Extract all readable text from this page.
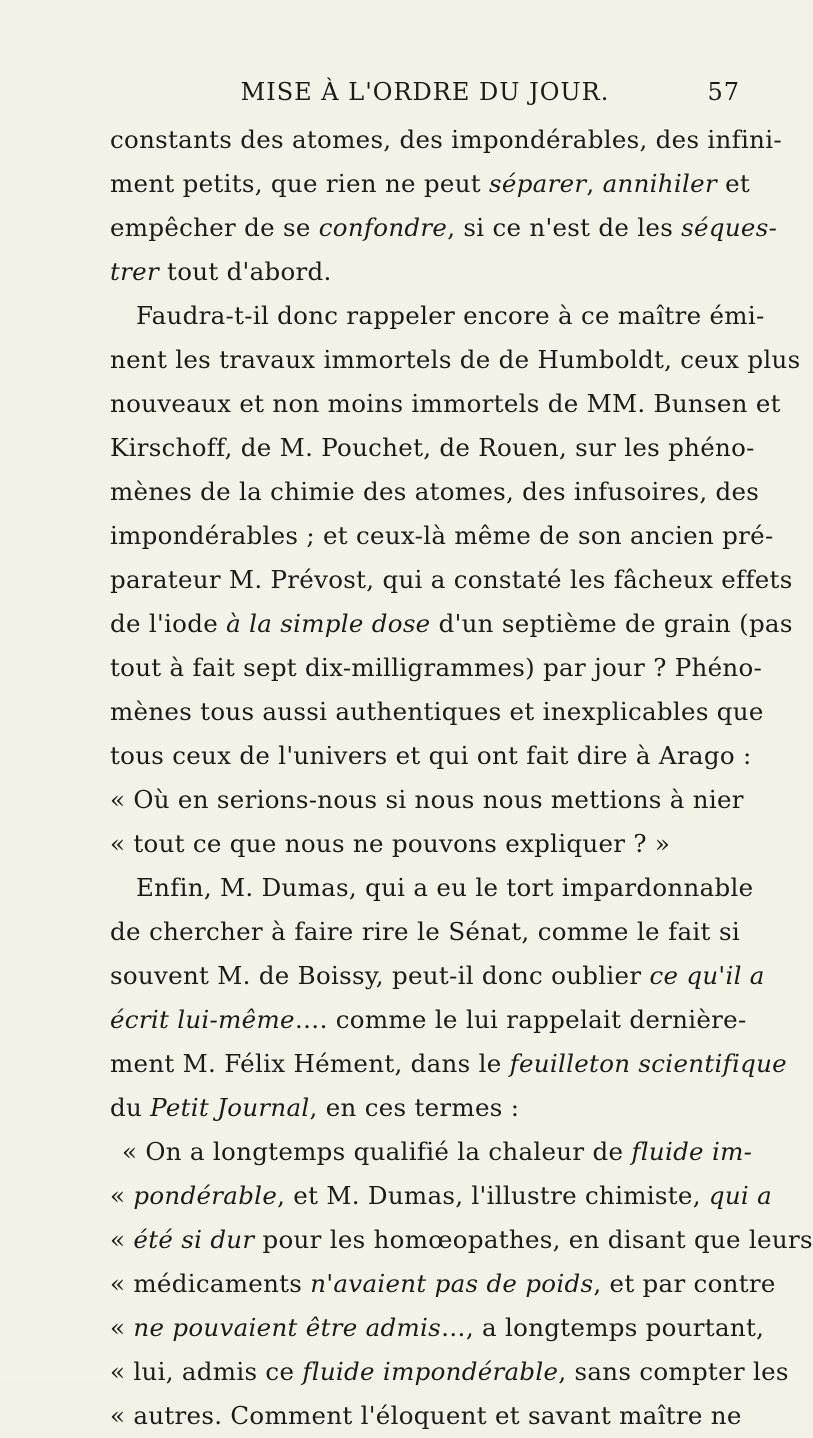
MISE À L'ORDRE DU JOUR.	57
constants des atomes, des impondérables, des infini-
ment petits, que rien ne peut séparer, annihiler et
empêcher de se confondre, si ce n'est de les séques-
trer tout d'abord.
Faudra-t-il donc rappeler encore à ce maître émi-
nent les travaux immortels de de Humboldt, ceux plus
nouveaux et non moins immortels de MM. Bunsen et
Kirschoff, de M. Pouchet, de Rouen, sur les phéno-
mènes de la chimie des atomes, des infusoires, des
impondérables ; et ceux-là même de son ancien pré-
parateur M. Prévost, qui a constaté les fâcheux effets
de l'iode à la simple dose d'un septième de grain (pas
tout à fait sept dix-milligrammes) par jour ? Phéno-
mènes tous aussi authentiques et inexplicables que
tous ceux de l'univers et qui ont fait dire à Arago :
« Où en serions-nous si nous nous mettions à nier
« tout ce que nous ne pouvons expliquer ? »
Enfin, M. Dumas, qui a eu le tort impardonnable
de chercher à faire rire le Sénat, comme le fait si
souvent M. de Boissy, peut-il donc oublier ce qu'il a
écrit lui-même…. comme le lui rappelait dernière-
ment M. Félix Hément, dans le feuilleton scientifique
du Petit Journal, en ces termes :
« On a longtemps qualifié la chaleur de fluide im-
« pondérable, et M. Dumas, l'illustre chimiste, qui a
« été si dur pour les homœopathes, en disant que leurs
« médicaments n'avaient pas de poids, et par contre
« ne pouvaient être admis…, a longtemps pourtant,
« lui, admis ce fluide impondérable, sans compter les
« autres. Comment l'éloquent et savant maître ne
